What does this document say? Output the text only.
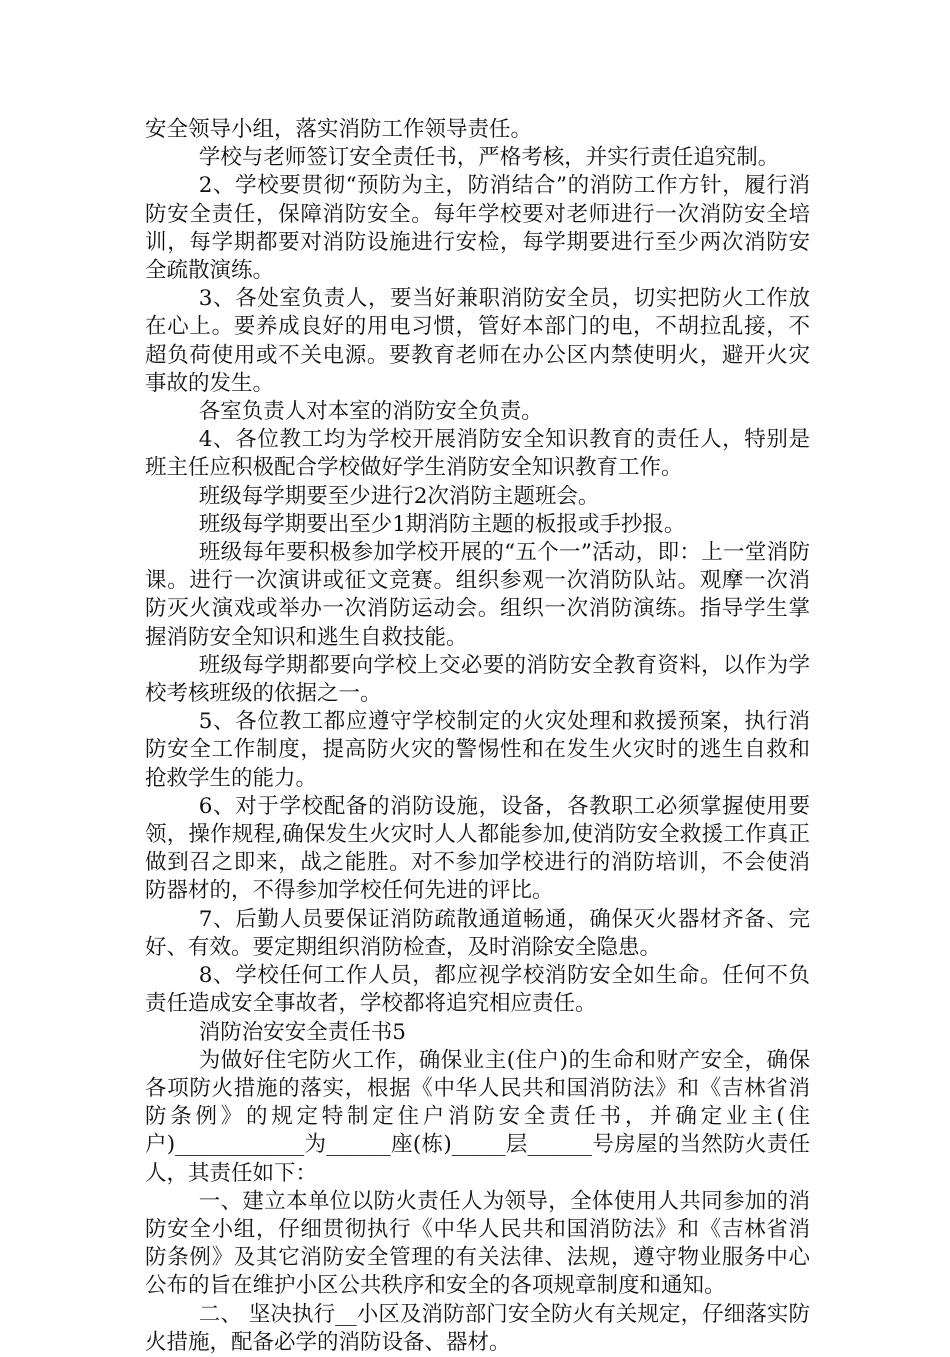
安全领导小组，落实消防工作领导责任。

学校与老师签订安全责任书，严格考核，并实行责任追究制。

2、学校要贯彻“预防为主，防消结合”的消防工作方针，履行消防安全责任，保障消防安全。每年学校要对老师进行一次消防安全培训，每学期都要对消防设施进行安检，每学期要进行至少两次消防安全疏散演练。

3、各处室负责人，要当好兼职消防安全员，切实把防火工作放在心上。要养成良好的用电习惯，管好本部门的电，不胡拉乱接，不超负荷使用或不关电源。要教育老师在办公区内禁使明火，避开火灾事故的发生。

各室负责人对本室的消防安全负责。

4、各位教工均为学校开展消防安全知识教育的责任人，特别是班主任应积极配合学校做好学生消防安全知识教育工作。

班级每学期要至少进行2次消防主题班会。

班级每学期要出至少1期消防主题的板报或手抄报。

班级每年要积极参加学校开展的“五个一”活动，即：上一堂消防课。进行一次演讲或征文竞赛。组织参观一次消防队站。观摩一次消防灭火演戏或举办一次消防运动会。组织一次消防演练。指导学生掌握消防安全知识和逃生自救技能。

班级每学期都要向学校上交必要的消防安全教育资料，以作为学校考核班级的依据之一。

5、各位教工都应遵守学校制定的火灾处理和救援预案，执行消防安全工作制度，提高防火灾的警惕性和在发生火灾时的逃生自救和抢救学生的能力。

6、对于学校配备的消防设施，设备，各教职工必须掌握使用要领，操作规程,确保发生火灾时人人都能参加,使消防安全救援工作真正做到召之即来，战之能胜。对不参加学校进行的消防培训，不会使消防器材的，不得参加学校任何先进的评比。

7、后勤人员要保证消防疏散通道畅通，确保灭火器材齐备、完好、有效。要定期组织消防检查，及时消除安全隐患。

8、学校任何工作人员，都应视学校消防安全如生命。任何不负责任造成安全事故者，学校都将追究相应责任。

消防治安安全责任书5

为做好住宅防火工作，确保业主(住户)的生命和财产安全，确保各项防火措施的落实，根据《中华人民共和国消防法》和《吉林省消防条例》的规定特制定住户消防安全责任书，并确定业主(住户)____________为______座(栋)_____层______号房屋的当然防火责任人，其责任如下：

一、建立本单位以防火责任人为领导，全体使用人共同参加的消防安全小组，仔细贯彻执行《中华人民共和国消防法》和《吉林省消防条例》及其它消防安全管理的有关法律、法规，遵守物业服务中心公布的旨在维护小区公共秩序和安全的各项规章制度和通知。

二、 坚决执行__小区及消防部门安全防火有关规定，仔细落实防火措施，配备必学的消防设备、器材。
